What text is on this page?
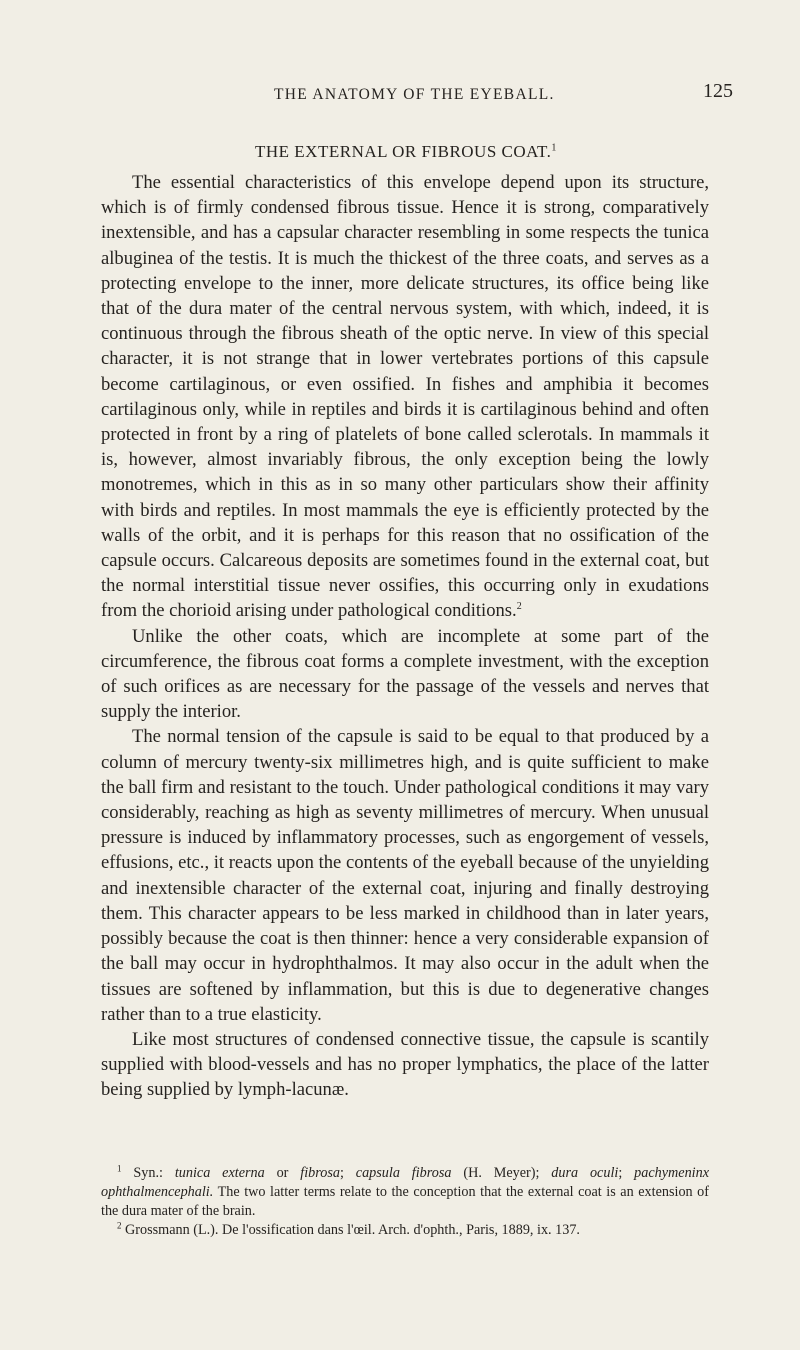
THE ANATOMY OF THE EYEBALL.	125
THE EXTERNAL OR FIBROUS COAT.$^1$

The essential characteristics of this envelope depend upon its structure, which is of firmly condensed fibrous tissue. Hence it is strong, comparatively inextensible, and has a capsular character resembling in some respects the tunica albuginea of the testis. It is much the thickest of the three coats, and serves as a protecting envelope to the inner, more delicate structures, its office being like that of the dura mater of the central nervous system, with which, indeed, it is continuous through the fibrous sheath of the optic nerve. In view of this special character, it is not strange that in lower vertebrates portions of this capsule become cartilaginous, or even ossified. In fishes and amphibia it becomes cartilaginous only, while in reptiles and birds it is cartilaginous behind and often protected in front by a ring of platelets of bone called sclerotals. In mammals it is, however, almost invariably fibrous, the only exception being the lowly monotremes, which in this as in so many other particulars show their affinity with birds and reptiles. In most mammals the eye is efficiently protected by the walls of the orbit, and it is perhaps for this reason that no ossification of the capsule occurs. Calcareous deposits are sometimes found in the external coat, but the normal interstitial tissue never ossifies, this occurring only in exudations from the chorioid arising under pathological conditions.$^2$

Unlike the other coats, which are incomplete at some part of the circumference, the fibrous coat forms a complete investment, with the exception of such orifices as are necessary for the passage of the vessels and nerves that supply the interior.

The normal tension of the capsule is said to be equal to that produced by a column of mercury twenty-six millimetres high, and is quite sufficient to make the ball firm and resistant to the touch. Under pathological conditions it may vary considerably, reaching as high as seventy millimetres of mercury. When unusual pressure is induced by inflammatory processes, such as engorgement of vessels, effusions, etc., it reacts upon the contents of the eyeball because of the unyielding and inextensible character of the external coat, injuring and finally destroying them. This character appears to be less marked in childhood than in later years, possibly because the coat is then thinner: hence a very considerable expansion of the ball may occur in hydrophthalmos. It may also occur in the adult when the tissues are softened by inflammation, but this is due to degenerative changes rather than to a true elasticity.

Like most structures of condensed connective tissue, the capsule is scantily supplied with blood-vessels and has no proper lymphatics, the place of the latter being supplied by lymph-lacunæ.

$^1$ Syn.: tunica externa or fibrosa; capsula fibrosa (H. Meyer); dura oculi; pachymeninx ophthalmencephali. The two latter terms relate to the conception that the external coat is an extension of the dura mater of the brain.

$^2$ Grossmann (L.). De l'ossification dans l'œil. Arch. d'ophth., Paris, 1889, ix. 137.
